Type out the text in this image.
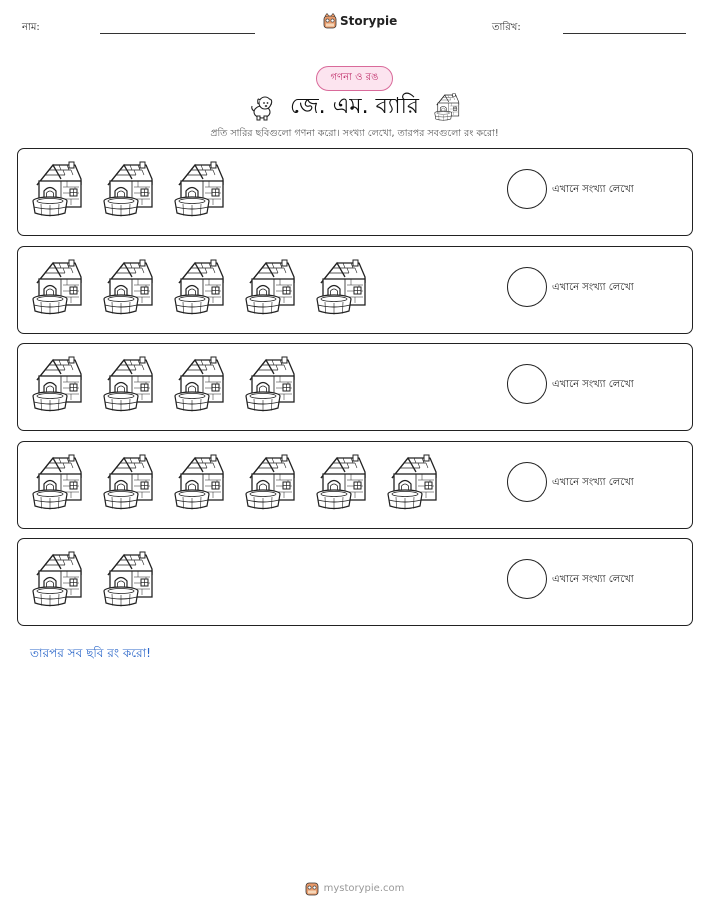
নাম:	Storypie	তারিখ:
গণনা ও রঙ
জে. এম. ব্যারি
প্রতি সারির ছবিগুলো গণনা করো। সংখ্যা লেখো, তারপর সবগুলো রং করো!
এখানে সংখ্যা লেখো
এখানে সংখ্যা লেখো
এখানে সংখ্যা লেখো
এখানে সংখ্যা লেখো
এখানে সংখ্যা লেখো
তারপর সব ছবি রং করো!
mystorypie.com
